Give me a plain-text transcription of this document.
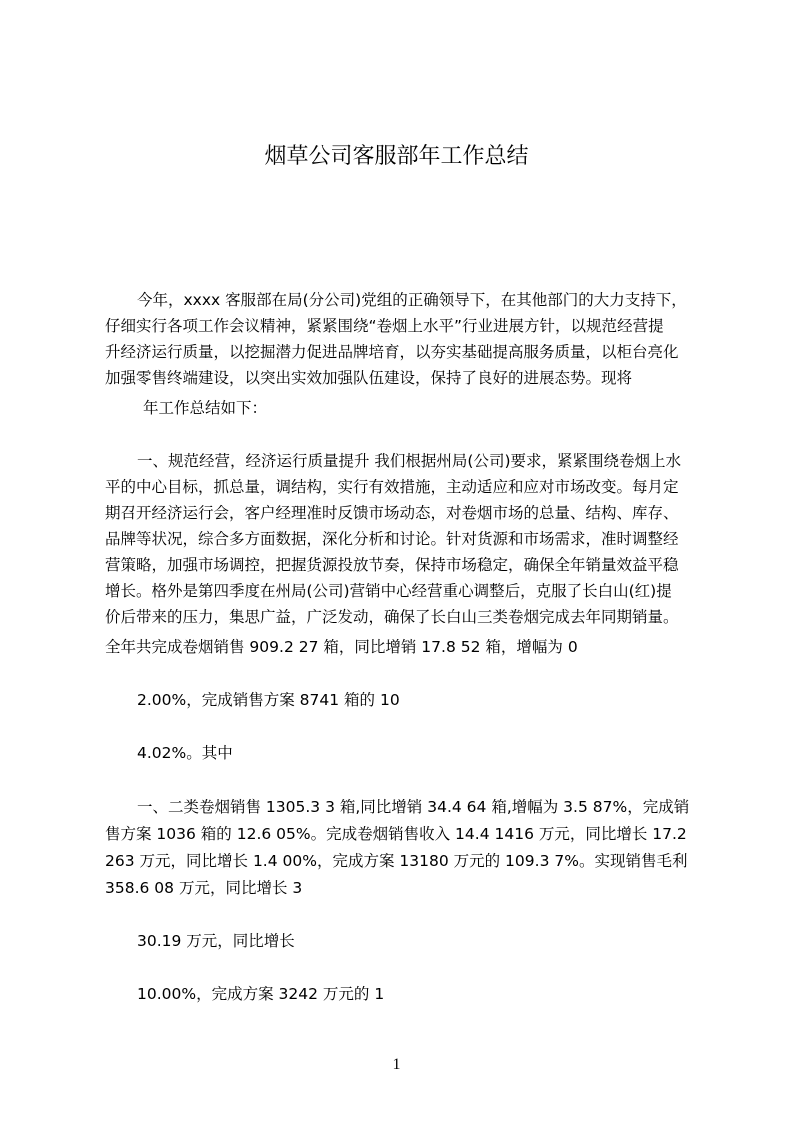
烟草公司客服部年工作总结
今年，xxxx 客服部在局(分公司)党组的正确领导下，在其他部门的大力支持下，
仔细实行各项工作会议精神，紧紧围绕“卷烟上水平”行业进展方针，以规范经营提
升经济运行质量，以挖掘潜力促进品牌培育，以夯实基础提高服务质量，以柜台亮化
加强零售终端建设，以突出实效加强队伍建设，保持了良好的进展态势。现将
年工作总结如下：
一、规范经营，经济运行质量提升 我们根据州局(公司)要求，紧紧围绕卷烟上水
平的中心目标，抓总量，调结构，实行有效措施，主动适应和应对市场改变。每月定
期召开经济运行会，客户经理准时反馈市场动态，对卷烟市场的总量、结构、库存、
品牌等状况，综合多方面数据，深化分析和讨论。针对货源和市场需求，准时调整经
营策略，加强市场调控，把握货源投放节奏，保持市场稳定，确保全年销量效益平稳
增长。格外是第四季度在州局(公司)营销中心经营重心调整后，克服了长白山(红)提
价后带来的压力，集思广益，广泛发动，确保了长白山三类卷烟完成去年同期销量。
全年共完成卷烟销售 909.2 27 箱，同比增销 17.8 52 箱，增幅为 0
2.00%，完成销售方案 8741 箱的 10
4.02%。其中
一、二类卷烟销售 1305.3 3 箱,同比增销 34.4 64 箱,增幅为 3.5 87%，完成销
售方案 1036 箱的 12.6 05%。完成卷烟销售收入 14.4 1416 万元，同比增长 17.2
263 万元，同比增长 1.4 00%，完成方案 13180 万元的 109.3 7%。实现销售毛利
358.6 08 万元，同比增长 3
30.19 万元，同比增长
10.00%，完成方案 3242 万元的 1
1
